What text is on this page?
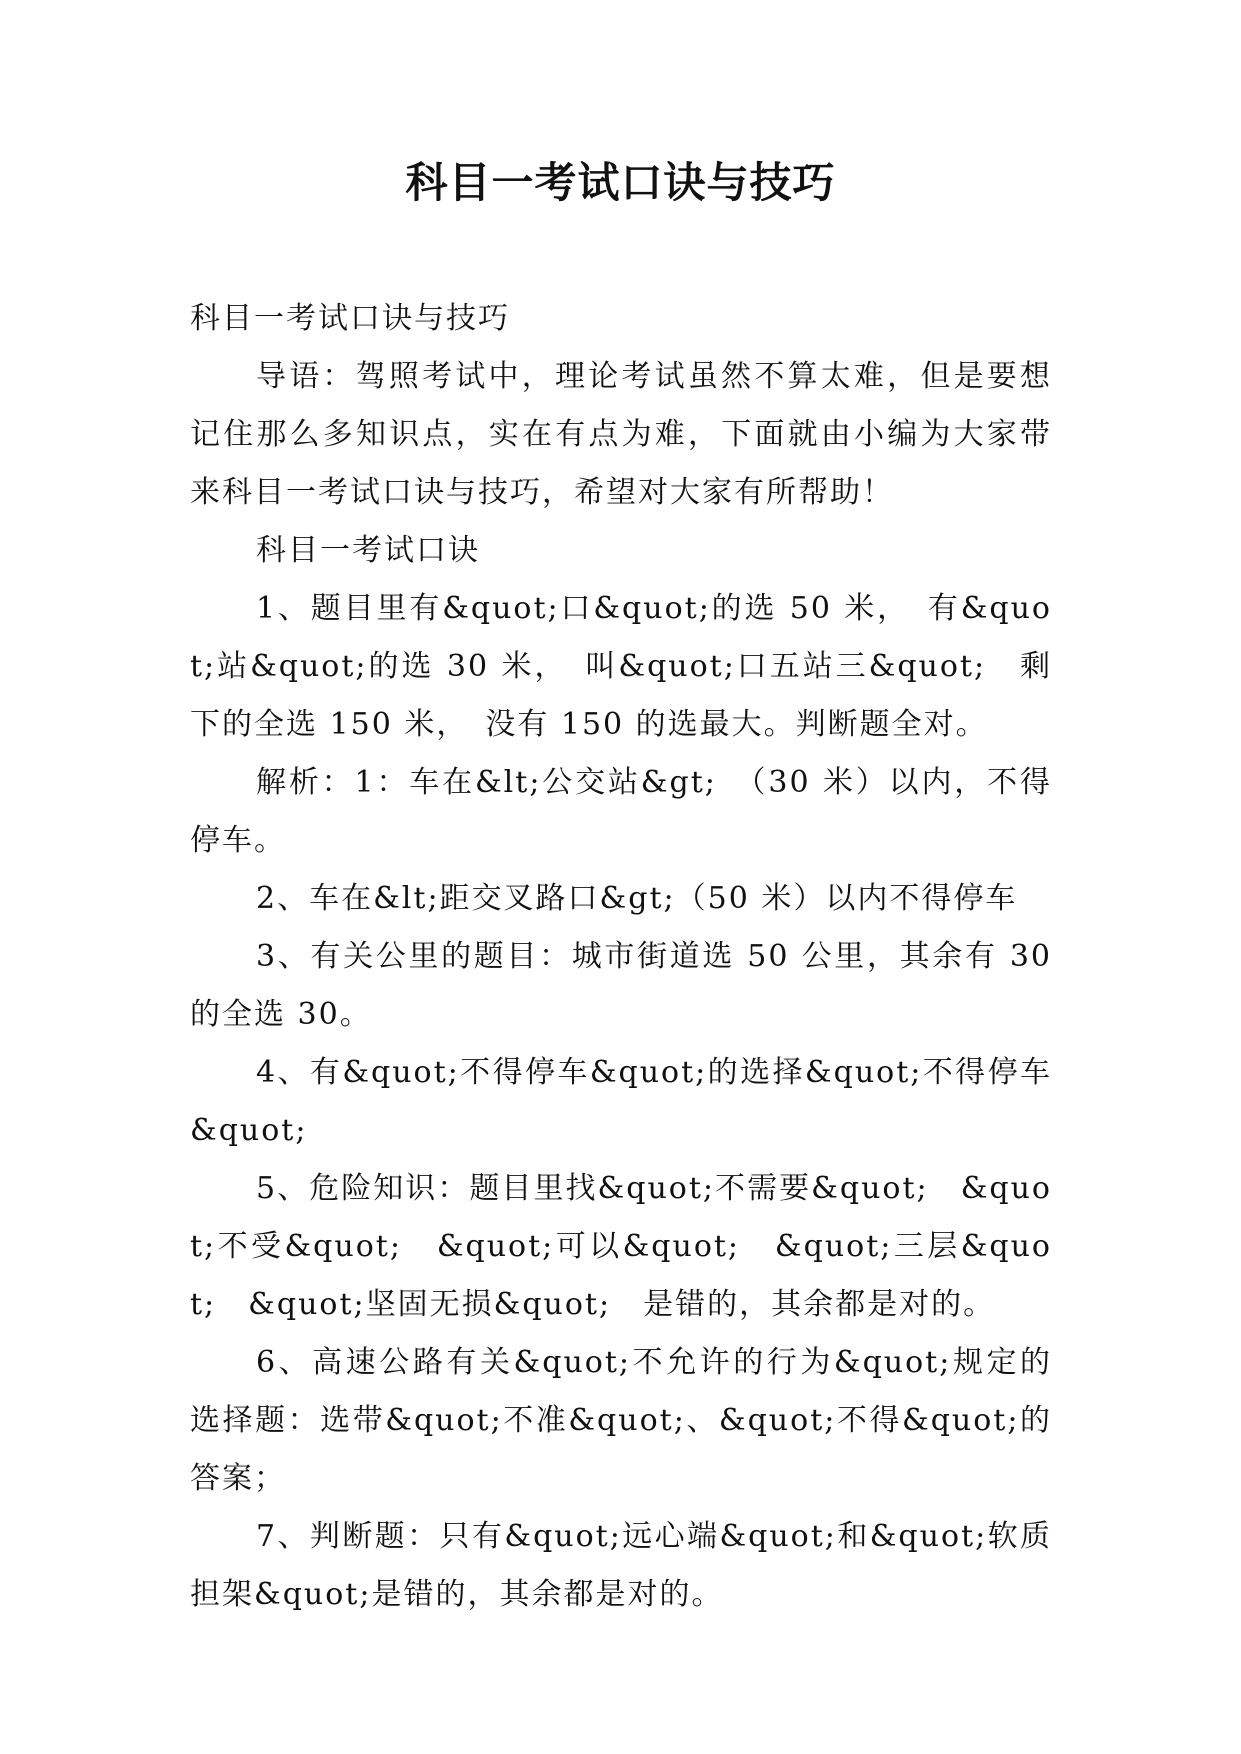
科目一考试口诀与技巧

科目一考试口诀与技巧

导语：驾照考试中，理论考试虽然不算太难，但是要想记住那么多知识点，实在有点为难，下面就由小编为大家带来科目一考试口诀与技巧，希望对大家有所帮助！

科目一考试口诀

1、题目里有&quot;口&quot;的选 50 米，　有&quot;站&quot;的选 30 米，　叫&quot;口五站三&quot;　剩下的全选 150 米，　没有 150 的选最大。判断题全对。

解析：1：车在&lt;公交站&gt;　（30 米）以内，不得停车。

2、车在&lt;距交叉路口&gt;（50 米）以内不得停车

3、有关公里的题目：城市街道选 50 公里，其余有 30 的全选 30。

4、有&quot;不得停车&quot;的选择&quot;不得停车&quot;

5、危险知识：题目里找&quot;不需要&quot;　&quot;不受&quot;　&quot;可以&quot;　&quot;三层&quot;　&quot;坚固无损&quot;　是错的，其余都是对的。

6、高速公路有关&quot;不允许的行为&quot;规定的选择题：选带&quot;不准&quot;、&quot;不得&quot;的答案；

7、判断题：只有&quot;远心端&quot;和&quot;软质担架&quot;是错的，其余都是对的。
